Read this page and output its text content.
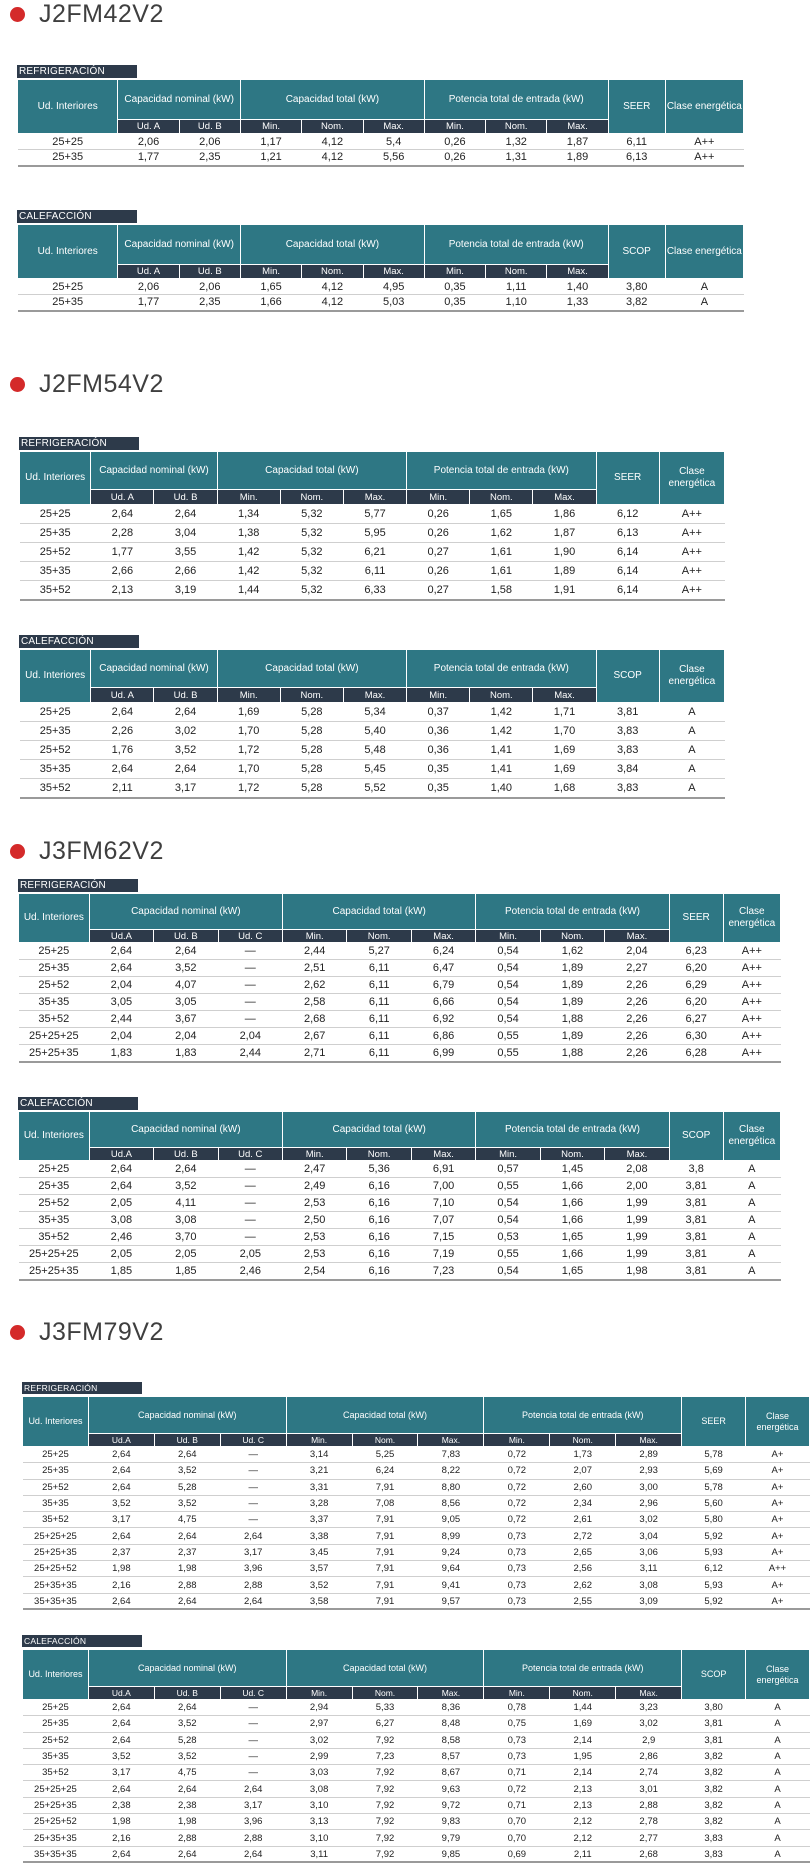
J2FM42V2
REFRIGERACIÓN
Ud. Interiores	Capacidad nominal (kW)		Capacidad total (kW)			Potencia total de entrada (kW)			SEER	Clase energética
	Ud. A	Ud. B	Min.	Nom.	Max.	Min.	Nom.	Max.		
25+25	2,06	2,06	1,17	4,12	5,4	0,26	1,32	1,87	6,11	A++
25+35	1,77	2,35	1,21	4,12	5,56	0,26	1,31	1,89	6,13	A++
CALEFACCIÓN
Ud. Interiores	Capacidad nominal (kW)		Capacidad total (kW)			Potencia total de entrada (kW)			SCOP	Clase energética
	Ud. A	Ud. B	Min.	Nom.	Max.	Min.	Nom.	Max.		
25+25	2,06	2,06	1,65	4,12	4,95	0,35	1,11	1,40	3,80	A
25+35	1,77	2,35	1,66	4,12	5,03	0,35	1,10	1,33	3,82	A
J2FM54V2
REFRIGERACIÓN
Ud. Interiores	Capacidad nominal (kW)		Capacidad total (kW)			Potencia total de entrada (kW)			SEER	Clase energética
	Ud. A	Ud. B	Min.	Nom.	Max.	Min.	Nom.	Max.		
25+25	2,64	2,64	1,34	5,32	5,77	0,26	1,65	1,86	6,12	A++
25+35	2,28	3,04	1,38	5,32	5,95	0,26	1,62	1,87	6,13	A++
25+52	1,77	3,55	1,42	5,32	6,21	0,27	1,61	1,90	6,14	A++
35+35	2,66	2,66	1,42	5,32	6,11	0,26	1,61	1,89	6,14	A++
35+52	2,13	3,19	1,44	5,32	6,33	0,27	1,58	1,91	6,14	A++
CALEFACCIÓN
Ud. Interiores	Capacidad nominal (kW)		Capacidad total (kW)			Potencia total de entrada (kW)			SCOP	Clase energética
	Ud. A	Ud. B	Min.	Nom.	Max.	Min.	Nom.	Max.		
25+25	2,64	2,64	1,69	5,28	5,34	0,37	1,42	1,71	3,81	A
25+35	2,26	3,02	1,70	5,28	5,40	0,36	1,42	1,70	3,83	A
25+52	1,76	3,52	1,72	5,28	5,48	0,36	1,41	1,69	3,83	A
35+35	2,64	2,64	1,70	5,28	5,45	0,35	1,41	1,69	3,84	A
35+52	2,11	3,17	1,72	5,28	5,52	0,35	1,40	1,68	3,83	A
J3FM62V2
REFRIGERACIÓN
Ud. Interiores	Capacidad nominal (kW)			Capacidad total (kW)			Potencia total de entrada (kW)			SEER	Clase energética
	Ud.A	Ud. B	Ud. C	Min.	Nom.	Max.	Min.	Nom.	Max.		
25+25	2,64	2,64	—	2,44	5,27	6,24	0,54	1,62	2,04	6,23	A++
25+35	2,64	3,52	—	2,51	6,11	6,47	0,54	1,89	2,27	6,20	A++
25+52	2,04	4,07	—	2,62	6,11	6,79	0,54	1,89	2,26	6,29	A++
35+35	3,05	3,05	—	2,58	6,11	6,66	0,54	1,89	2,26	6,20	A++
35+52	2,44	3,67	—	2,68	6,11	6,92	0,54	1,88	2,26	6,27	A++
25+25+25	2,04	2,04	2,04	2,67	6,11	6,86	0,55	1,89	2,26	6,30	A++
25+25+35	1,83	1,83	2,44	2,71	6,11	6,99	0,55	1,88	2,26	6,28	A++
CALEFACCIÓN
Ud. Interiores	Capacidad nominal (kW)			Capacidad total (kW)			Potencia total de entrada (kW)			SCOP	Clase energética
	Ud.A	Ud. B	Ud. C	Min.	Nom.	Max.	Min.	Nom.	Max.		
25+25	2,64	2,64	—	2,47	5,36	6,91	0,57	1,45	2,08	3,8	A
25+35	2,64	3,52	—	2,49	6,16	7,00	0,55	1,66	2,00	3,81	A
25+52	2,05	4,11	—	2,53	6,16	7,10	0,54	1,66	1,99	3,81	A
35+35	3,08	3,08	—	2,50	6,16	7,07	0,54	1,66	1,99	3,81	A
35+52	2,46	3,70	—	2,53	6,16	7,15	0,53	1,65	1,99	3,81	A
25+25+25	2,05	2,05	2,05	2,53	6,16	7,19	0,55	1,66	1,99	3,81	A
25+25+35	1,85	1,85	2,46	2,54	6,16	7,23	0,54	1,65	1,98	3,81	A
J3FM79V2
REFRIGERACIÓN
Ud. Interiores	Capacidad nominal (kW)			Capacidad total (kW)			Potencia total de entrada (kW)			SEER	Clase energética
	Ud.A	Ud. B	Ud. C	Min.	Nom.	Max.	Min.	Nom.	Max.		
25+25	2,64	2,64	—	3,14	5,25	7,83	0,72	1,73	2,89	5,78	A+
25+35	2,64	3,52	—	3,21	6,24	8,22	0,72	2,07	2,93	5,69	A+
25+52	2,64	5,28	—	3,31	7,91	8,80	0,72	2,60	3,00	5,78	A+
35+35	3,52	3,52	—	3,28	7,08	8,56	0,72	2,34	2,96	5,60	A+
35+52	3,17	4,75	—	3,37	7,91	9,05	0,72	2,61	3,02	5,80	A+
25+25+25	2,64	2,64	2,64	3,38	7,91	8,99	0,73	2,72	3,04	5,92	A+
25+25+35	2,37	2,37	3,17	3,45	7,91	9,24	0,73	2,65	3,06	5,93	A+
25+25+52	1,98	1,98	3,96	3,57	7,91	9,64	0,73	2,56	3,11	6,12	A++
25+35+35	2,16	2,88	2,88	3,52	7,91	9,41	0,73	2,62	3,08	5,93	A+
35+35+35	2,64	2,64	2,64	3,58	7,91	9,57	0,73	2,55	3,09	5,92	A+
CALEFACCIÓN
Ud. Interiores	Capacidad nominal (kW)			Capacidad total (kW)			Potencia total de entrada (kW)			SCOP	Clase energética
	Ud.A	Ud. B	Ud. C	Min.	Nom.	Max.	Min.	Nom.	Max.		
25+25	2,64	2,64	—	2,94	5,33	8,36	0,78	1,44	3,23	3,80	A
25+35	2,64	3,52	—	2,97	6,27	8,48	0,75	1,69	3,02	3,81	A
25+52	2,64	5,28	—	3,02	7,92	8,58	0,73	2,14	2,9	3,81	A
35+35	3,52	3,52	—	2,99	7,23	8,57	0,73	1,95	2,86	3,82	A
35+52	3,17	4,75	—	3,03	7,92	8,67	0,71	2,14	2,74	3,82	A
25+25+25	2,64	2,64	2,64	3,08	7,92	9,63	0,72	2,13	3,01	3,82	A
25+25+35	2,38	2,38	3,17	3,10	7,92	9,72	0,71	2,13	2,88	3,82	A
25+25+52	1,98	1,98	3,96	3,13	7,92	9,83	0,70	2,12	2,78	3,82	A
25+35+35	2,16	2,88	2,88	3,10	7,92	9,79	0,70	2,12	2,77	3,83	A
35+35+35	2,64	2,64	2,64	3,11	7,92	9,85	0,69	2,11	2,68	3,83	A
